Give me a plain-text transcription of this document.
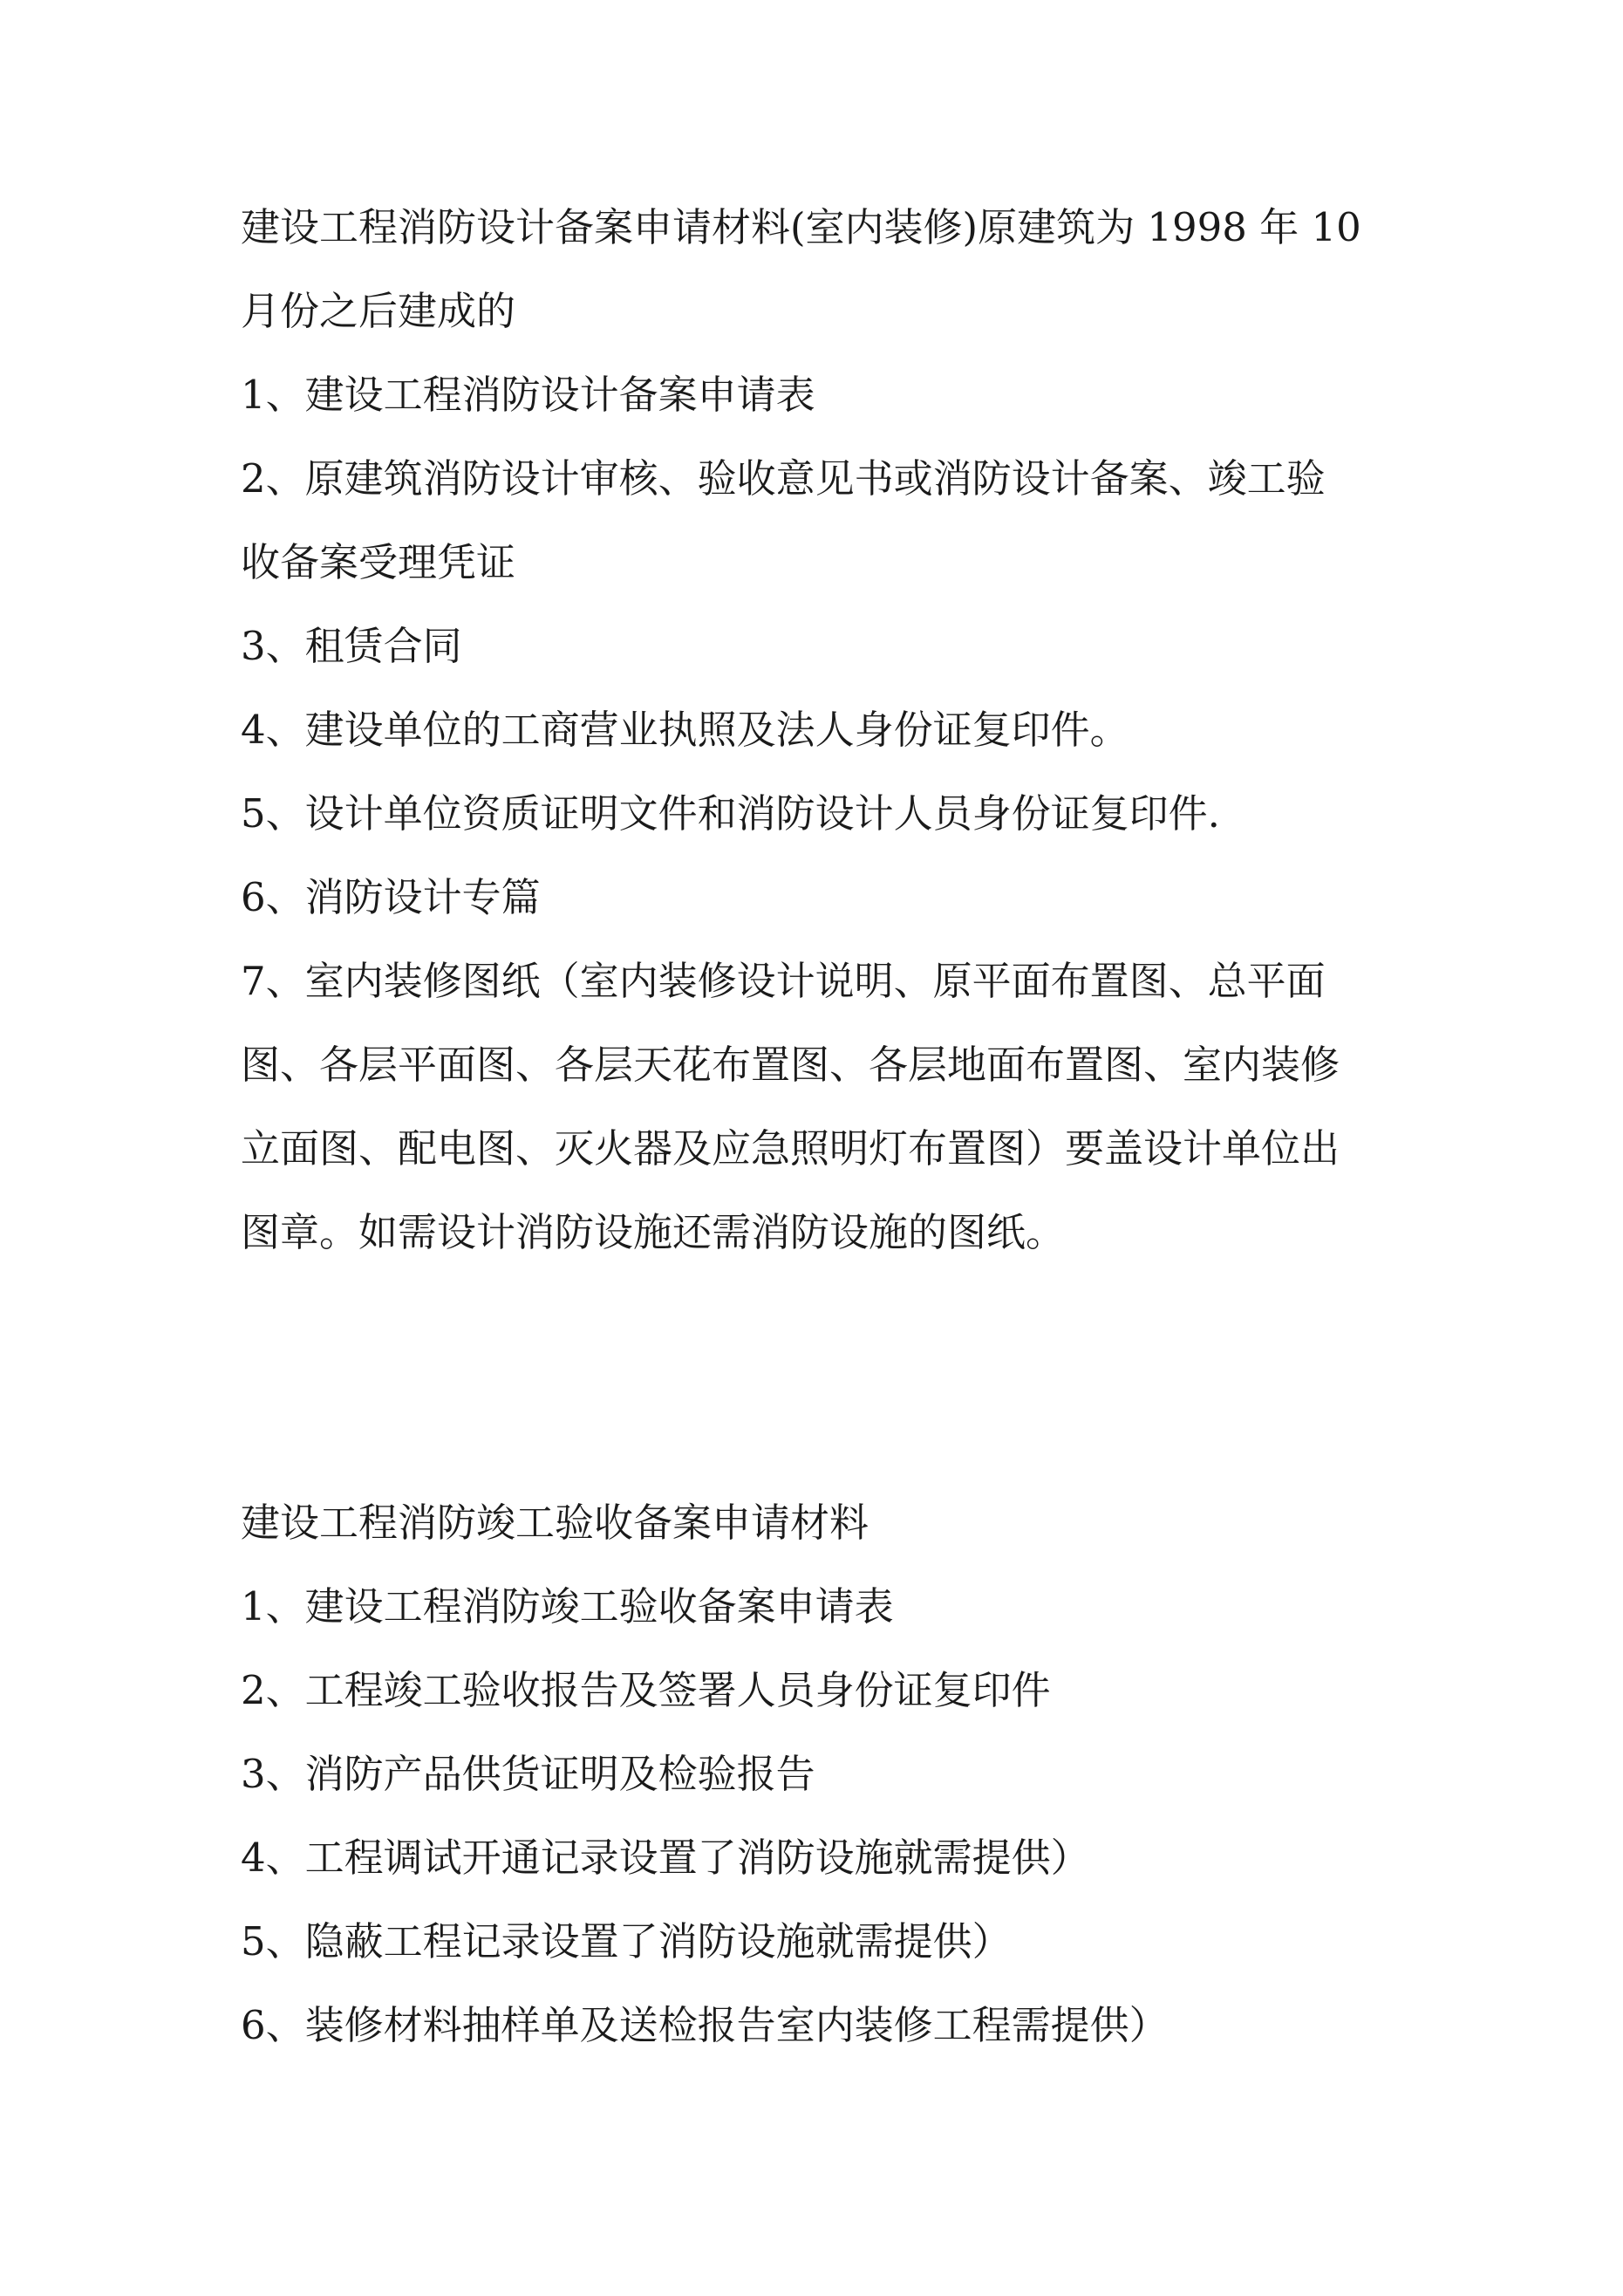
建设工程消防设计备案申请材料(室内装修)原建筑为 1998 年 10
月份之后建成的
1、建设工程消防设计备案申请表
2、原建筑消防设计审核、验收意见书或消防设计备案、竣工验
收备案受理凭证
3、租赁合同
4、建设单位的工商营业执照及法人身份证复印件。
5、设计单位资质证明文件和消防设计人员身份证复印件.
6、消防设计专篇
7、室内装修图纸（室内装修设计说明、原平面布置图、总平面
图、各层平面图、各层天花布置图、各层地面布置图、室内装修
立面图、配电图、灭火器及应急照明灯布置图）要盖设计单位出
图章。如需设计消防设施还需消防设施的图纸。
建设工程消防竣工验收备案申请材料
1、建设工程消防竣工验收备案申请表
2、工程竣工验收报告及签署人员身份证复印件
3、消防产品供货证明及检验报告
4、工程调试开通记录设置了消防设施就需提供）
5、隐蔽工程记录设置了消防设施就需提供）
6、装修材料抽样单及送检报告室内装修工程需提供）
